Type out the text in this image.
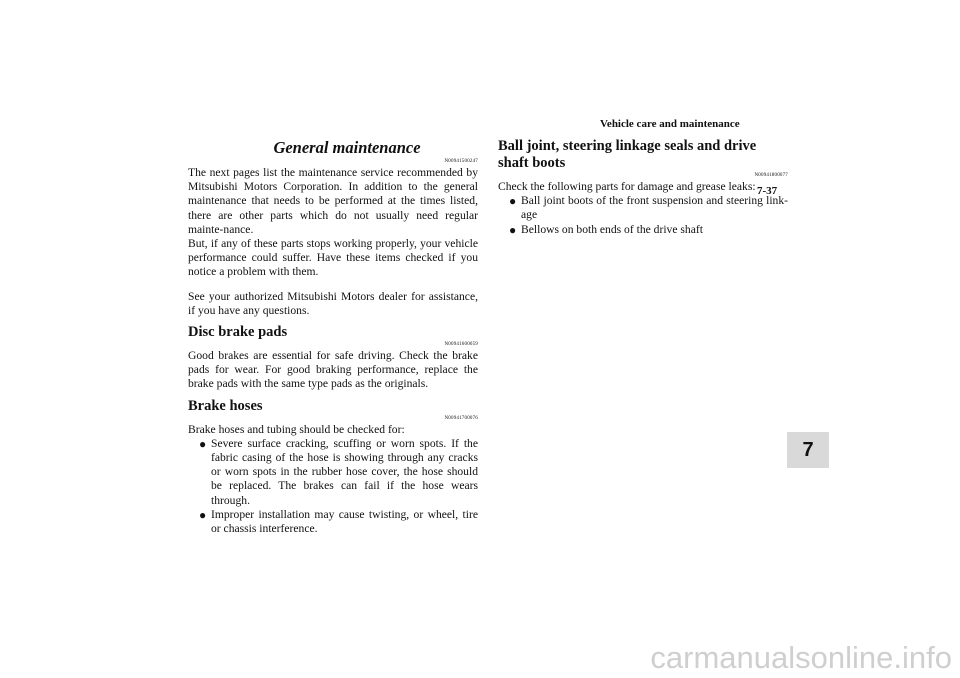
Vehicle care and maintenance
General maintenance
N00941500247

The next pages list the maintenance service recommended by Mitsubishi Motors Corporation. In addition to the general maintenance that needs to be performed at the times listed, there are other parts which do not usually need regular mainte-nance.

But, if any of these parts stops working properly, your vehicle performance could suffer. Have these items checked if you notice a problem with them.

See your authorized Mitsubishi Motors dealer for assistance, if you have any questions.

Disc brake pads
N00941600059

Good brakes are essential for safe driving. Check the brake pads for wear. For good braking performance, replace the brake pads with the same type pads as the originals.

Brake hoses
N00941700076

Brake hoses and tubing should be checked for:

● Severe surface cracking, scuffing or worn spots. If the fabric casing of the hose is showing through any cracks or worn spots in the rubber hose cover, the hose should be replaced. The brakes can fail if the hose wears through.
● Improper installation may cause twisting, or wheel, tire or chassis interference.
Ball joint, steering linkage seals and drive shaft boots
N00941800077

Check the following parts for damage and grease leaks:

● Ball joint boots of the front suspension and steering link-age
● Bellows on both ends of the drive shaft
7
7-37
carmanualsonline.info
